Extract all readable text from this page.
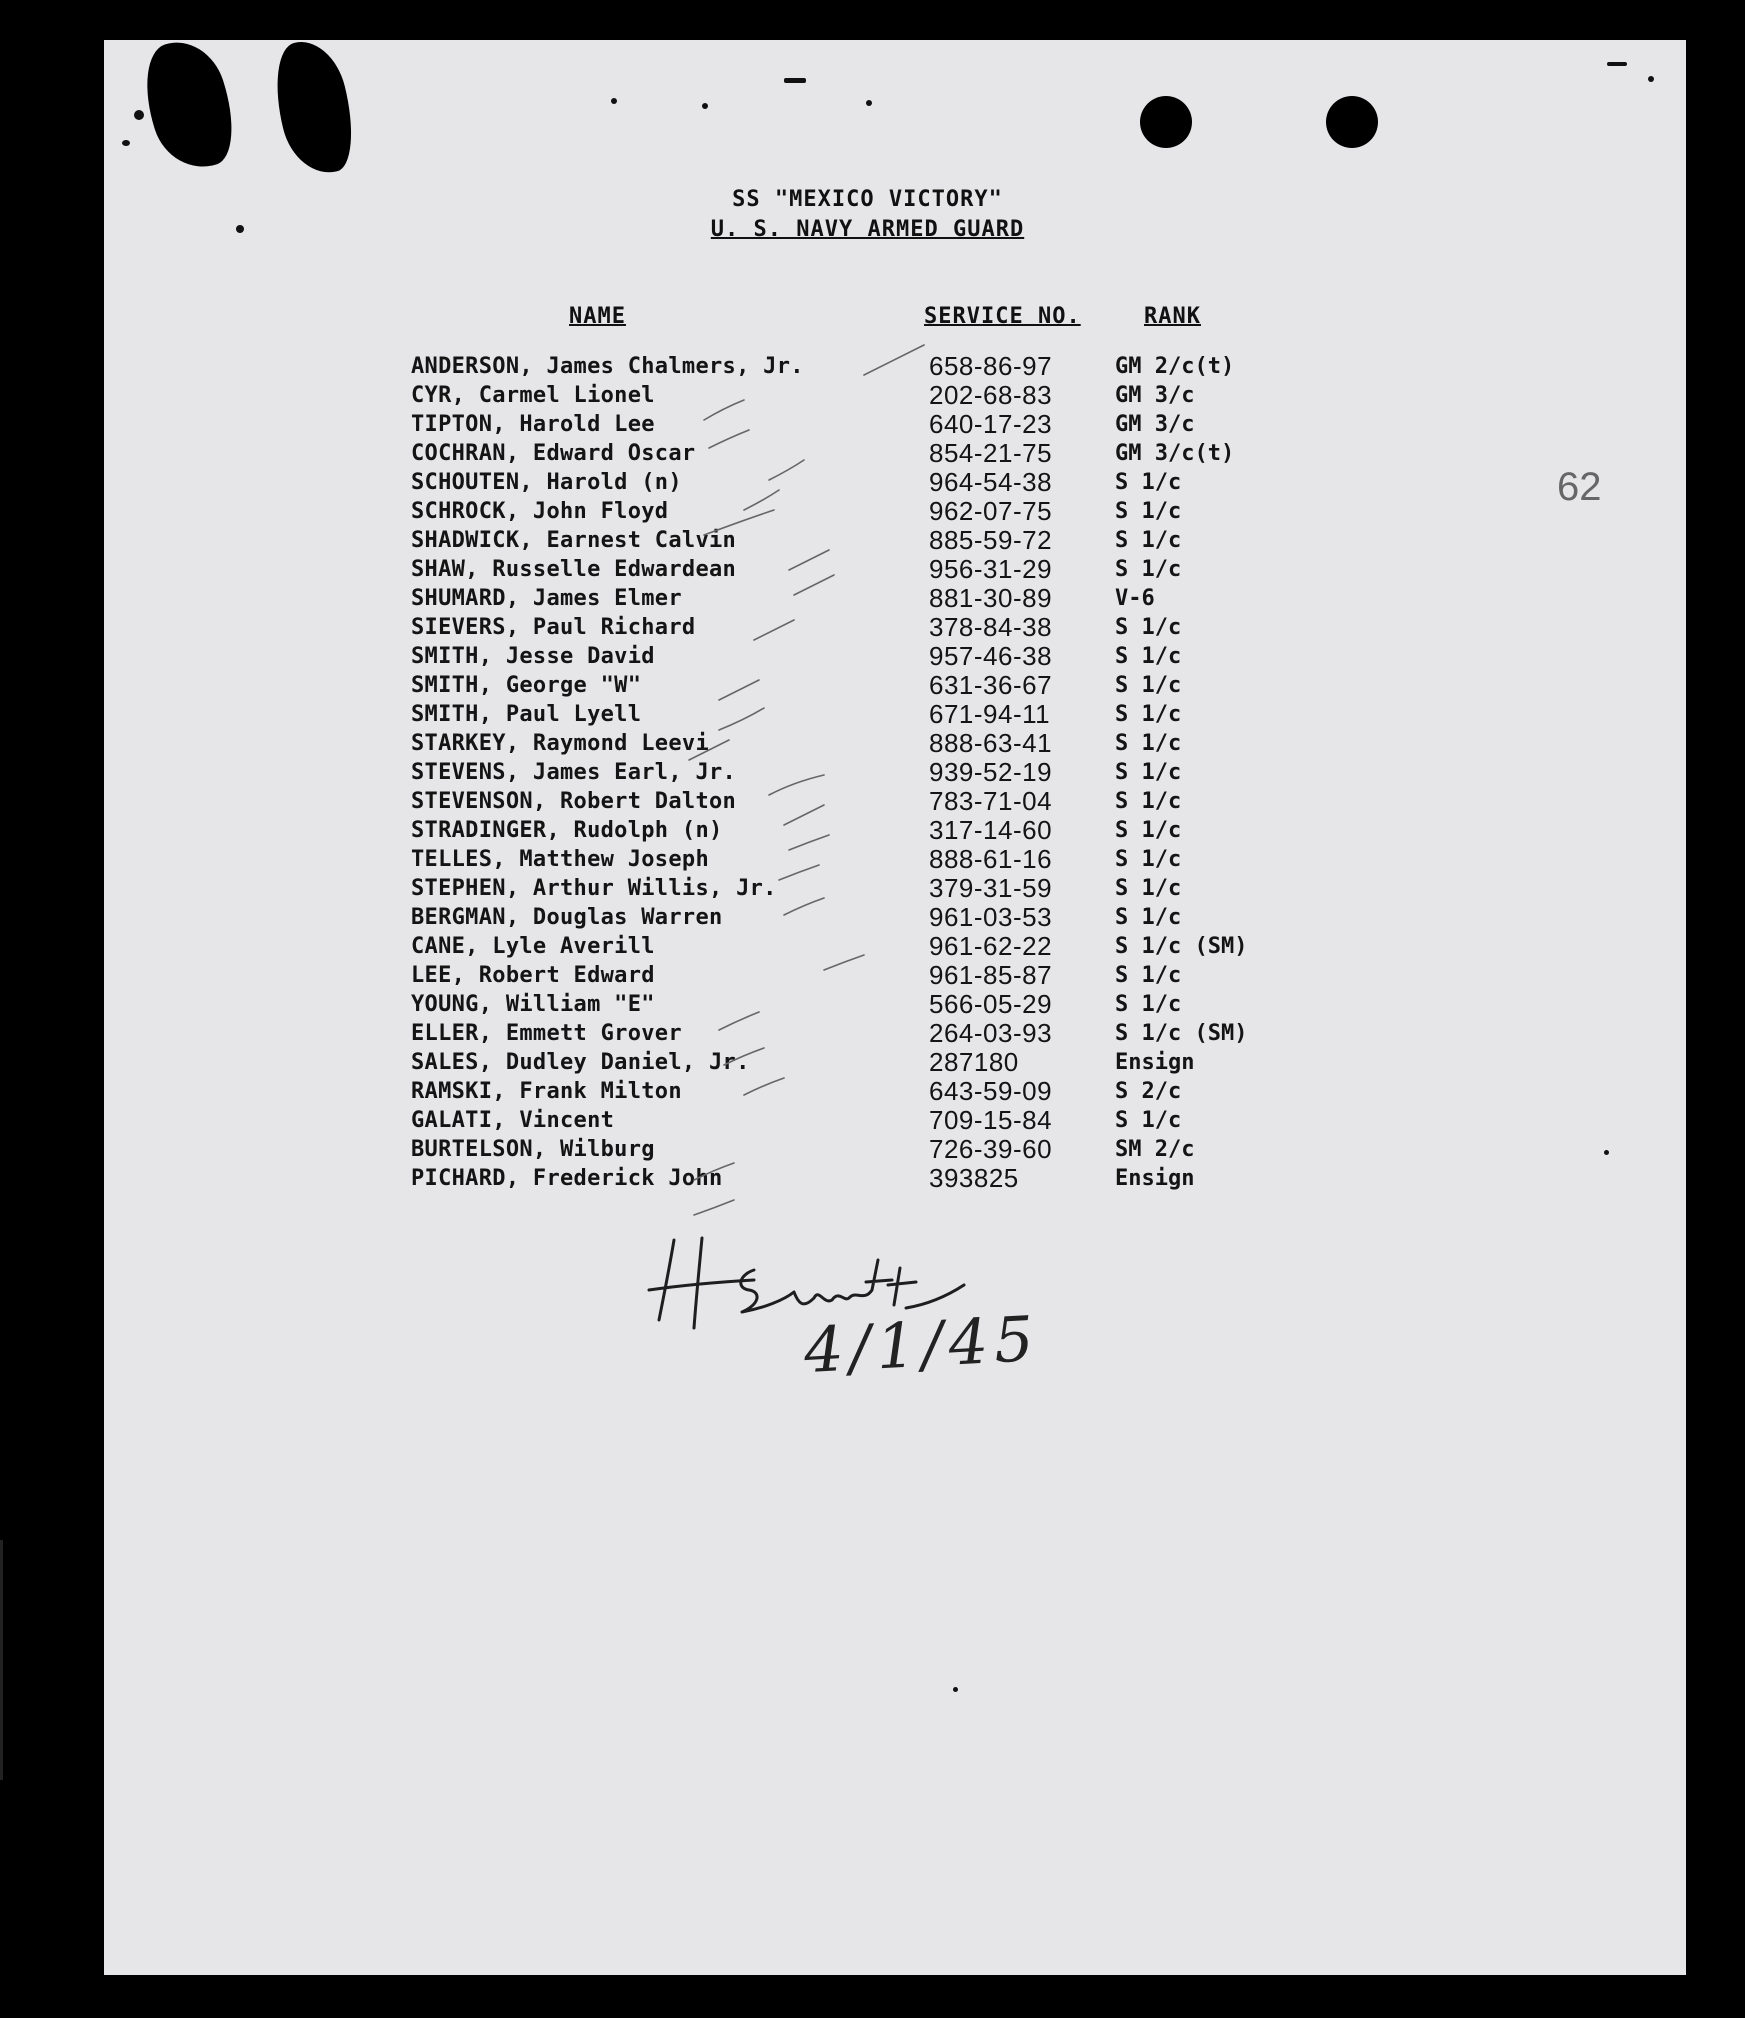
SS "MEXICO VICTORY"
U. S. NAVY ARMED GUARD
NAME	SERVICE NO.	RANK
ANDERSON, James Chalmers, Jr.	658-86-97	GM 2/c(t)
CYR, Carmel Lionel	202-68-83	GM 3/c
TIPTON, Harold Lee	640-17-23	GM 3/c
COCHRAN, Edward Oscar	854-21-75	GM 3/c(t)
SCHOUTEN, Harold (n)	964-54-38	S 1/c
SCHROCK, John Floyd	962-07-75	S 1/c
SHADWICK, Earnest Calvin	885-59-72	S 1/c
SHAW, Russelle Edwardean	956-31-29	S 1/c
SHUMARD, James Elmer	881-30-89	V-6
SIEVERS, Paul Richard	378-84-38	S 1/c
SMITH, Jesse David	957-46-38	S 1/c
SMITH, George "W"	631-36-67	S 1/c
SMITH, Paul Lyell	671-94-11	S 1/c
STARKEY, Raymond Leevi	888-63-41	S 1/c
STEVENS, James Earl, Jr.	939-52-19	S 1/c
STEVENSON, Robert Dalton	783-71-04	S 1/c
STRADINGER, Rudolph (n)	317-14-60	S 1/c
TELLES, Matthew Joseph	888-61-16	S 1/c
STEPHEN, Arthur Willis, Jr.	379-31-59	S 1/c
BERGMAN, Douglas Warren	961-03-53	S 1/c
CANE, Lyle Averill	961-62-22	S 1/c (SM)
LEE, Robert Edward	961-85-87	S 1/c
YOUNG, William "E"	566-05-29	S 1/c
ELLER, Emmett Grover	264-03-93	S 1/c (SM)
SALES, Dudley Daniel, Jr.	287180	Ensign
RAMSKI, Frank Milton	643-59-09	S 2/c
GALATI, Vincent	709-15-84	S 1/c
BURTELSON, Wilburg	726-39-60	SM 2/c
PICHARD, Frederick John	393825	Ensign
62
4/1/45
